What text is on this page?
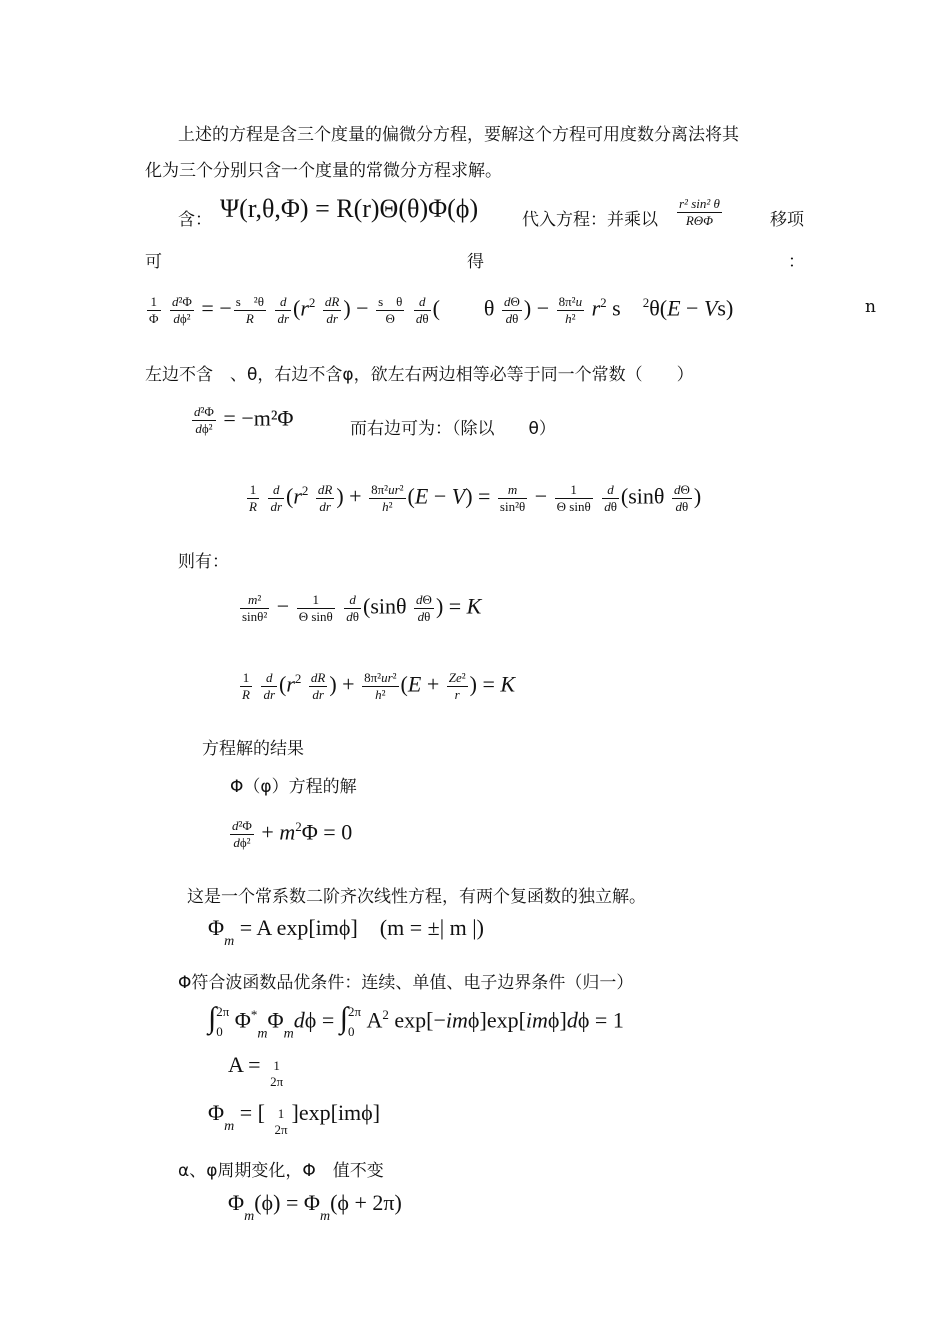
上述的方程是含三个度量的偏微分方程，要解这个方程可用度数分离法将其
化为三个分别只含一个度量的常微分方程求解。
含： Ψ(r,θ,Φ) = R(r)Θ(θ)Φ(ϕ)	代入方程：并乘以 $\frac{\text{r² sin² θ}}{\text{RΘΦ}}$	移项
可	得	：
$\frac{1}{\Phi}$
$\frac{\text{d²Φ}}{\text{dϕ²}}$ = − $\frac{\text{s　²θ}}{R}$
$\frac{d}{dr} (r^2 \frac{dR}{dr}$ ) − $\frac{\text{s　θ}}{\Theta}$
$\frac{d}{d\theta}$ (　　θ $\frac{d\Theta}{d\theta}$ ) − $\frac{\text{8π²u}}{\text{h²}} r^2$ s　$^2$θ(E − Vs)	n
左边不含　、θ，右边不含φ，欲左右两边相等必等于同一个常数（　　）
$\frac{\text{d²Φ}}{\text{dϕ²}} = -m^2\Phi$	而右边可为：（除以　　θ）
$\frac{1}{R}$
$\frac{d}{dr} (r^2 \frac{dR}{dr}$ ) + $\frac{\text{8π²ur²}}{\text{h²}} (E - V) = \frac{m}{\text{sin²θ}} - \frac{1}{\text{Θ sinθ}}$
$\frac{d}{d\theta} (\sin\theta \frac{d\Theta}{d\theta}$ )
则有：
$\frac{\text{m²}}{\text{sinθ²}} - \frac{1}{\text{Θ sinθ}}$
$\frac{d}{d\theta} (\sin\theta \frac{d\Theta}{d\theta}$ ) = K
$\frac{1}{R}$
$\frac{d}{dr} (r^2 \frac{dR}{dr}$ ) + $\frac{\text{8π²ur²}}{\text{h²}} (E + \frac{\text{Ze²}}{r}$ ) = K
方程解的结果
Φ（φ）方程的解
$\frac{\text{d²Φ}}{\text{dϕ²}} + m^2\Phi = 0$
这是一个常系数二阶齐次线性方程，有两个复函数的独立解。
$\Phi_m = A$ exp[imϕ]　(m = ±| m |)
Φ符合波函数品优条件：连续、单值、电子边界条件（归一）
∫2π
0 $\Phi^*_m\Phi_md\phi = \int 2\pi$
0 $A^2$ exp[−imϕ]exp[imϕ]dϕ = 1
A = 1
2π
$\Phi_m$ = [ 1
2π
]exp[imϕ]
α、φ周期变化，Φ　值不变
$\Phi_m(\phi) = \Phi_m(\phi + 2\pi)$
